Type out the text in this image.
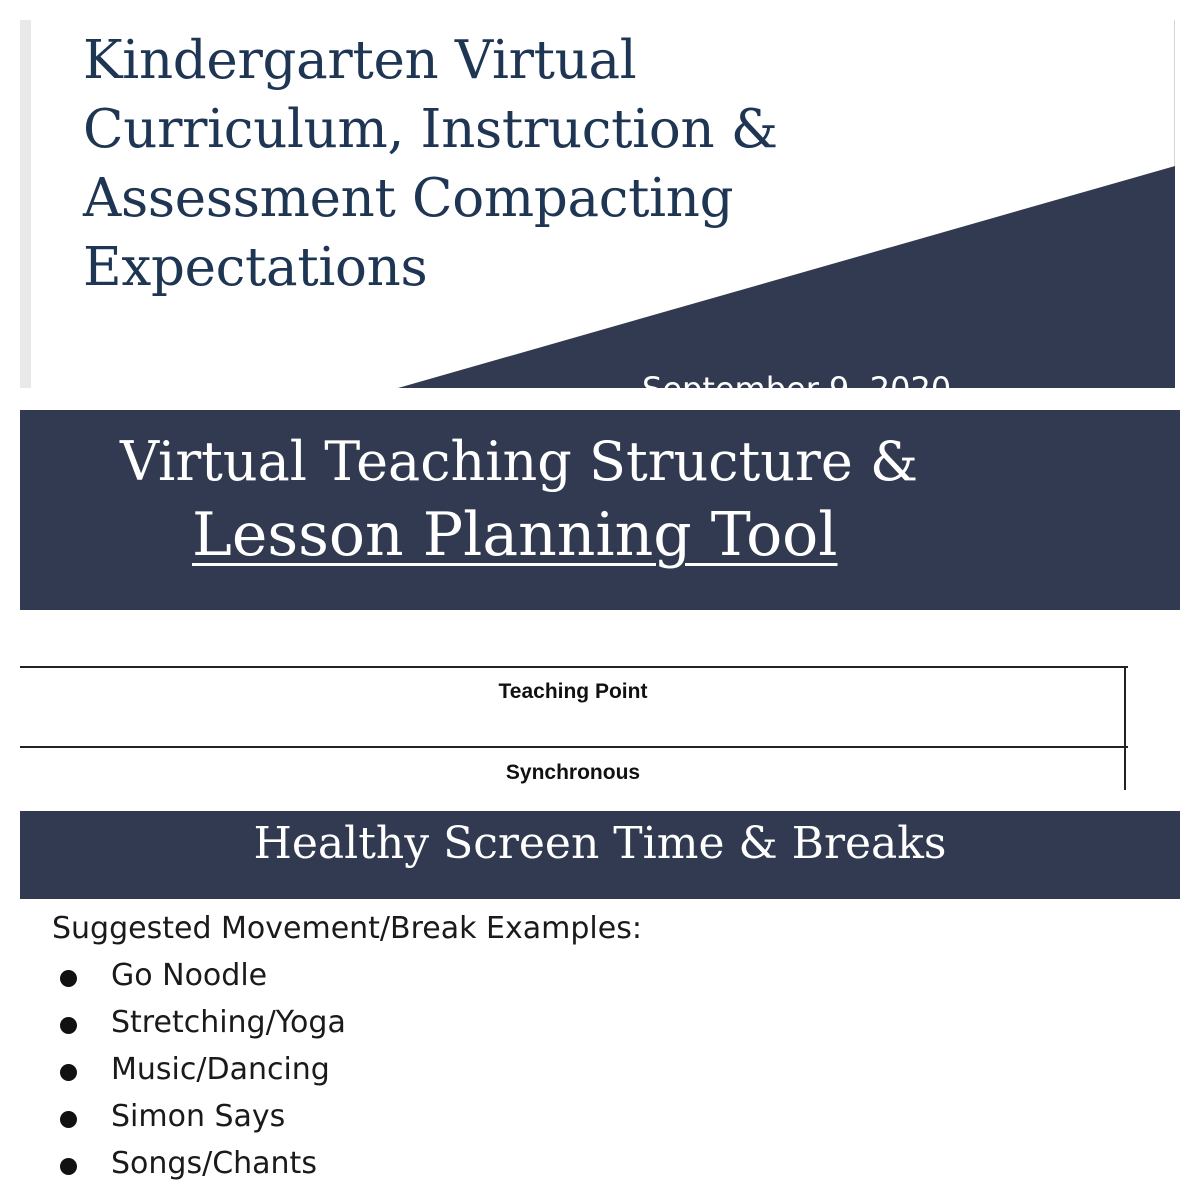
Kindergarten Virtual
Curriculum, Instruction &
Assessment Compacting
Expectations
September 9, 2020
Virtual Teaching Structure &
Lesson Planning Tool
Teaching Point
Synchronous
Healthy Screen Time & Breaks
Suggested Movement/Break Examples:
Go Noodle
Stretching/Yoga
Music/Dancing
Simon Says
Songs/Chants
